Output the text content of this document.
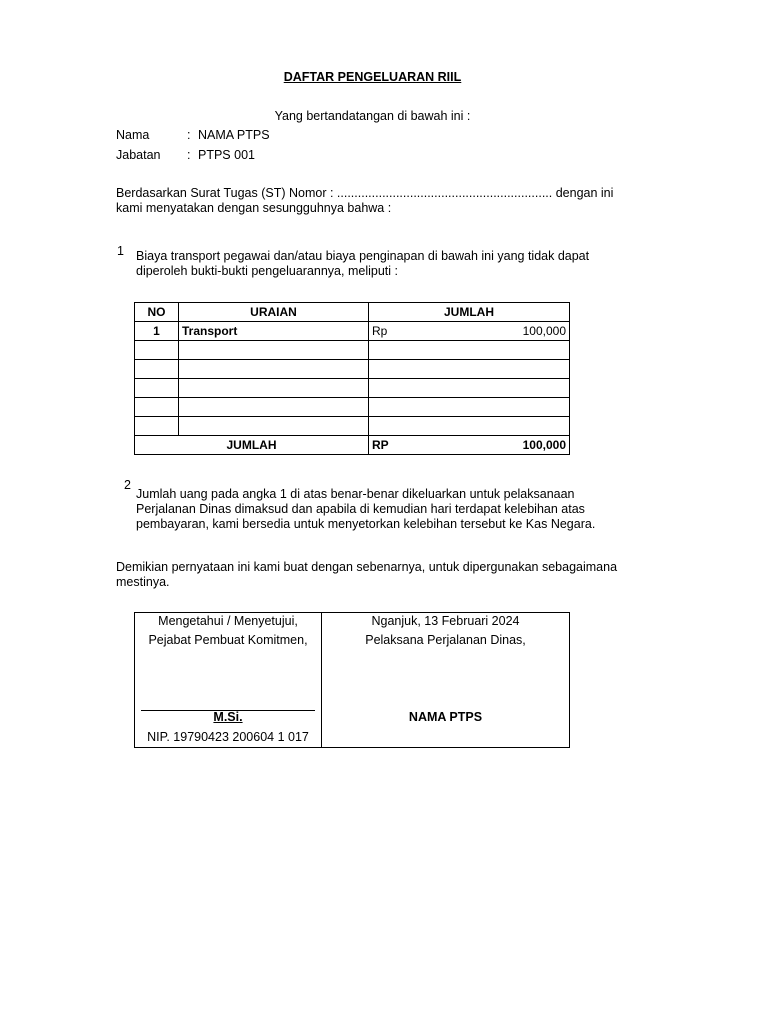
DAFTAR PENGELUARAN RIIL
Yang bertandatangan di bawah ini :
Nama	: NAMA PTPS
Jabatan : PTPS 001
Berdasarkan Surat Tugas (ST) Nomor : .............................................................. dengan ini
kami menyatakan dengan sesungguhnya bahwa :
1 Biaya transport pegawai dan/atau biaya penginapan di bawah ini yang tidak dapat
diperoleh bukti-bukti pengeluarannya, meliputi :
NO	URAIAN	JUMLAH
1	Transport	Rp 100,000

JUMLAH		RP 100,000
2
Jumlah uang pada angka 1 di atas benar-benar dikeluarkan untuk pelaksanaan
Perjalanan Dinas dimaksud dan apabila di kemudian hari terdapat kelebihan atas
pembayaran, kami bersedia untuk menyetorkan kelebihan tersebut ke Kas Negara.
Demikian pernyataan ini kami buat dengan sebenarnya, untuk dipergunakan sebagaimana
mestinya.
Mengetahui / Menyetujui,
Pejabat Pembuat Komitmen,
M.Si.
NIP. 19790423 200604 1 017

Nganjuk, 13 Februari 2024
Pelaksana Perjalanan Dinas,
NAMA PTPS
